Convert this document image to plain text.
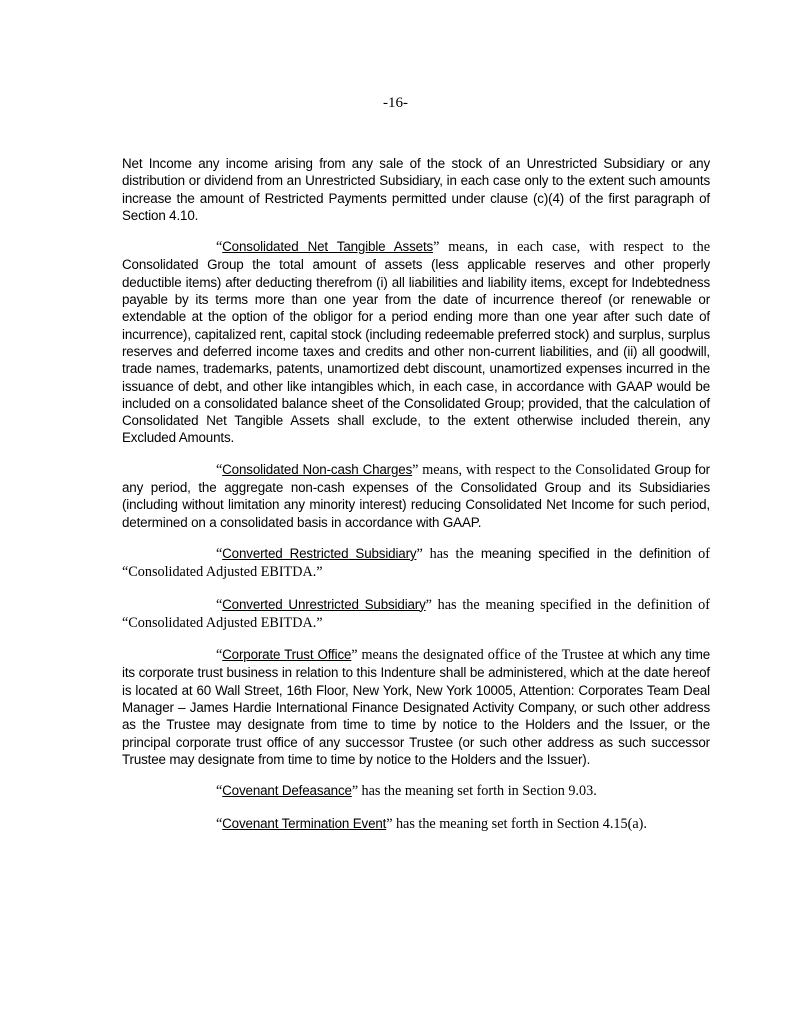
-16-

Net Income any income arising from any sale of the stock of an Unrestricted Subsidiary or any distribution or dividend from an Unrestricted Subsidiary, in each case only to the extent such amounts increase the amount of Restricted Payments permitted under clause (c)(4) of the first paragraph of Section 4.10.

“Consolidated Net Tangible Assets” means, in each case, with respect to the Consolidated Group the total amount of assets (less applicable reserves and other properly deductible items) after deducting therefrom (i) all liabilities and liability items, except for Indebtedness payable by its terms more than one year from the date of incurrence thereof (or renewable or extendable at the option of the obligor for a period ending more than one year after such date of incurrence), capitalized rent, capital stock (including redeemable preferred stock) and surplus, surplus reserves and deferred income taxes and credits and other non-current liabilities, and (ii) all goodwill, trade names, trademarks, patents, unamortized debt discount, unamortized expenses incurred in the issuance of debt, and other like intangibles which, in each case, in accordance with GAAP would be included on a consolidated balance sheet of the Consolidated Group; provided, that the calculation of Consolidated Net Tangible Assets shall exclude, to the extent otherwise included therein, any Excluded Amounts.

“Consolidated Non-cash Charges” means, with respect to the Consolidated Group for any period, the aggregate non-cash expenses of the Consolidated Group and its Subsidiaries (including without limitation any minority interest) reducing Consolidated Net Income for such period, determined on a consolidated basis in accordance with GAAP.

“Converted Restricted Subsidiary” has the meaning specified in the definition of “Consolidated Adjusted EBITDA.”

“Converted Unrestricted Subsidiary” has the meaning specified in the definition of “Consolidated Adjusted EBITDA.”

“Corporate Trust Office” means the designated office of the Trustee at which any time its corporate trust business in relation to this Indenture shall be administered, which at the date hereof is located at 60 Wall Street, 16th Floor, New York, New York 10005, Attention: Corporates Team Deal Manager – James Hardie International Finance Designated Activity Company, or such other address as the Trustee may designate from time to time by notice to the Holders and the Issuer, or the principal corporate trust office of any successor Trustee (or such other address as such successor Trustee may designate from time to time by notice to the Holders and the Issuer).

“Covenant Defeasance” has the meaning set forth in Section 9.03.

“Covenant Termination Event” has the meaning set forth in Section 4.15(a).
